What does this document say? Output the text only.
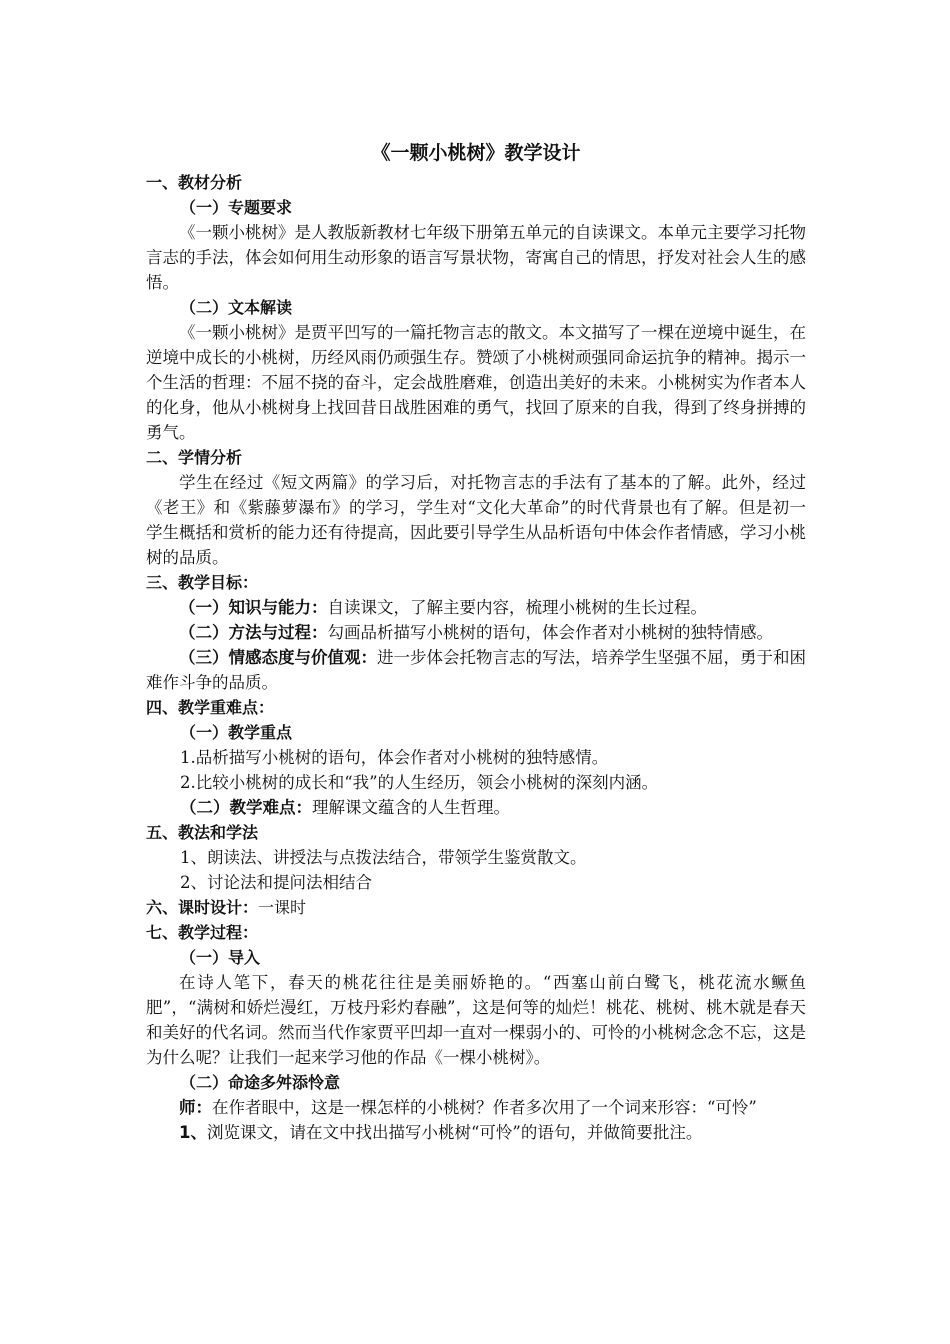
《一颗小桃树》教学设计
一、教材分析
（一）专题要求

《一颗小桃树》是人教版新教材七年级下册第五单元的自读课文。本单元主要学习托物言志的手法，体会如何用生动形象的语言写景状物，寄寓自己的情思，抒发对社会人生的感悟。

（二）文本解读

《一颗小桃树》是贾平凹写的一篇托物言志的散文。本文描写了一棵在逆境中诞生，在逆境中成长的小桃树，历经风雨仍顽强生存。赞颂了小桃树顽强同命运抗争的精神。揭示一个生活的哲理：不屈不挠的奋斗，定会战胜磨难，创造出美好的未来。小桃树实为作者本人的化身，他从小桃树身上找回昔日战胜困难的勇气，找回了原来的自我，得到了终身拼搏的勇气。

二、学情分析

学生在经过《短文两篇》的学习后，对托物言志的手法有了基本的了解。此外，经过《老王》和《紫藤萝瀑布》的学习，学生对“文化大革命”的时代背景也有了解。但是初一学生概括和赏析的能力还有待提高，因此要引导学生从品析语句中体会作者情感，学习小桃树的品质。

三、教学目标：

（一）知识与能力：自读课文，了解主要内容，梳理小桃树的生长过程。

（二）方法与过程：勾画品析描写小桃树的语句，体会作者对小桃树的独特情感。

（三）情感态度与价值观：进一步体会托物言志的写法，培养学生坚强不屈，勇于和困难作斗争的品质。

四、教学重难点：
（一）教学重点
1.品析描写小桃树的语句，体会作者对小桃树的独特感情。
2.比较小桃树的成长和“我”的人生经历，领会小桃树的深刻内涵。
（二）教学难点：理解课文蕴含的人生哲理。
五、教法和学法
1、朗读法、讲授法与点拨法结合，带领学生鉴赏散文。
2、讨论法和提问法相结合
六、课时设计：一课时
七、教学过程：
（一）导入

在诗人笔下，春天的桃花往往是美丽娇艳的。“西塞山前白鹭飞，桃花流水鳜鱼肥”，“满树和娇烂漫红，万枝丹彩灼春融”，这是何等的灿烂！桃花、桃树、桃木就是春天和美好的代名词。然而当代作家贾平凹却一直对一棵弱小的、可怜的小桃树念念不忘，这是为什么呢？让我们一起来学习他的作品《一棵小桃树》。

（二）命途多舛添怜意

师：在作者眼中，这是一棵怎样的小桃树？作者多次用了一个词来形容：“可怜”

1、浏览课文，请在文中找出描写小桃树“可怜”的语句，并做简要批注。
